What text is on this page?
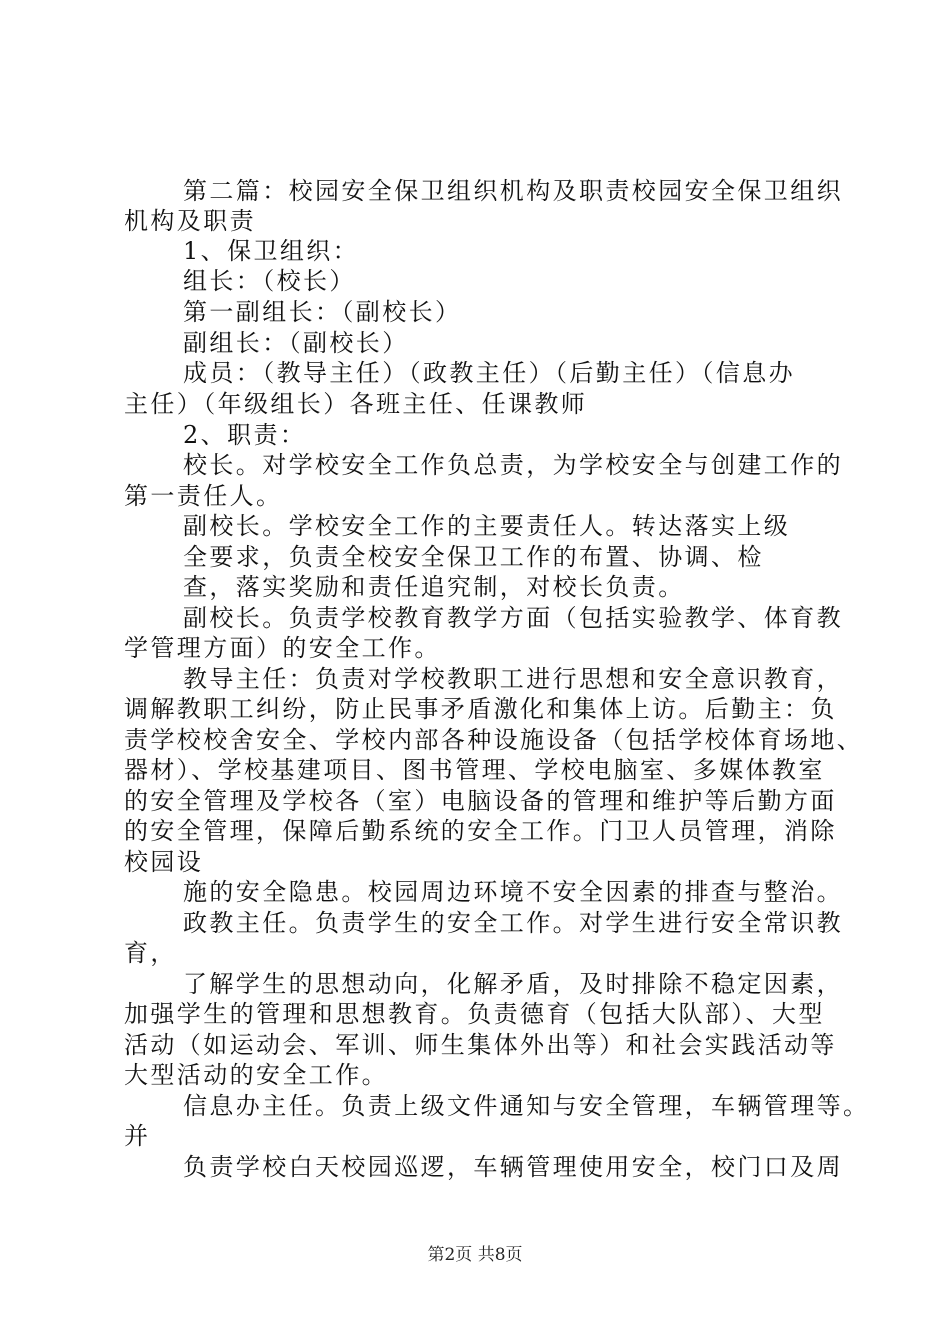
第二篇：校园安全保卫组织机构及职责校园安全保卫组织
机构及职责
1、保卫组织：
组长：（校长）
第一副组长：（副校长）
副组长：（副校长）
成员：（教导主任）（政教主任）（后勤主任）（信息办
主任）（年级组长）各班主任、任课教师
2、职责：
校长。对学校安全工作负总责，为学校安全与创建工作的
第一责任人。
副校长。学校安全工作的主要责任人。转达落实上级
全要求，负责全校安全保卫工作的布置、协调、检
查，落实奖励和责任追究制，对校长负责。
副校长。负责学校教育教学方面（包括实验教学、体育教
学管理方面）的安全工作。
教导主任：负责对学校教职工进行思想和安全意识教育，
调解教职工纠纷，防止民事矛盾激化和集体上访。后勤主：负
责学校校舍安全、学校内部各种设施设备（包括学校体育场地、
器材）、学校基建项目、图书管理、学校电脑室、多媒体教室
的安全管理及学校各（室）电脑设备的管理和维护等后勤方面
的安全管理，保障后勤系统的安全工作。门卫人员管理，消除
校园设
施的安全隐患。校园周边环境不安全因素的排查与整治。
政教主任。负责学生的安全工作。对学生进行安全常识教
育，
了解学生的思想动向，化解矛盾，及时排除不稳定因素，
加强学生的管理和思想教育。负责德育（包括大队部）、大型
活动（如运动会、军训、师生集体外出等）和社会实践活动等
大型活动的安全工作。
信息办主任。负责上级文件通知与安全管理，车辆管理等。
并
负责学校白天校园巡逻，车辆管理使用安全，校门口及周
第2页 共8页
